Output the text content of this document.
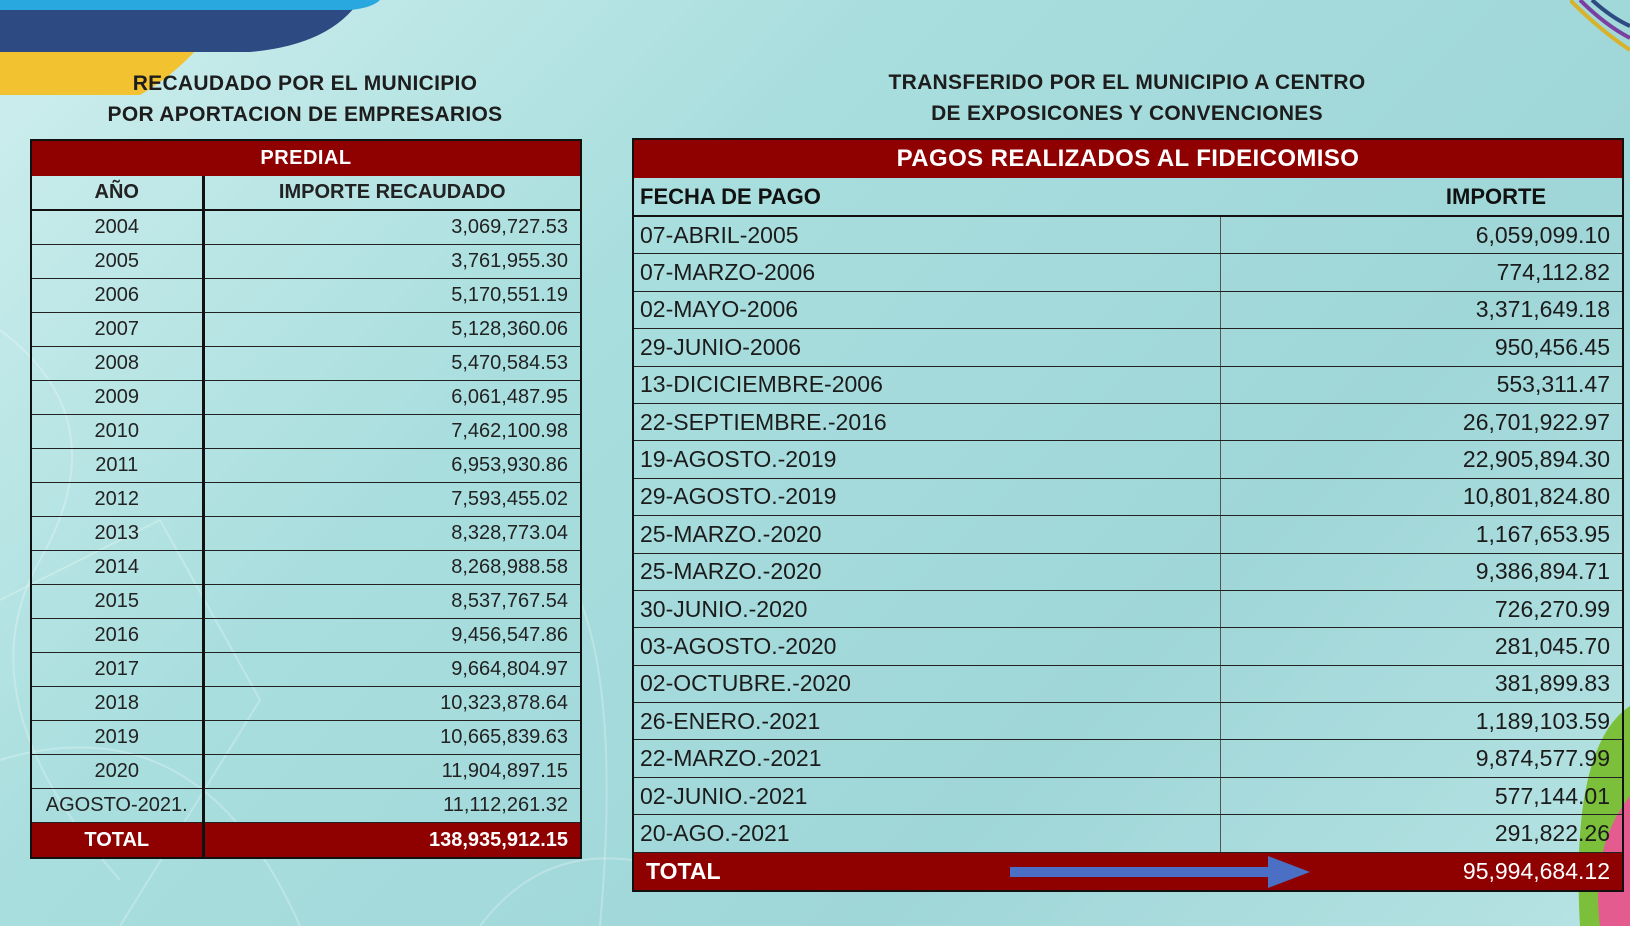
RECAUDADO POR EL MUNICIPIO
POR APORTACION DE EMPRESARIOS
TRANSFERIDO POR EL MUNICIPIO A CENTRO
DE EXPOSICONES Y CONVENCIONES
PREDIAL	
AÑO	IMPORTE RECAUDADO
2004	3,069,727.53
2005	3,761,955.30
2006	5,170,551.19
2007	5,128,360.06
2008	5,470,584.53
2009	6,061,487.95
2010	7,462,100.98
2011	6,953,930.86
2012	7,593,455.02
2013	8,328,773.04
2014	8,268,988.58
2015	8,537,767.54
2016	9,456,547.86
2017	9,664,804.97
2018	10,323,878.64
2019	10,665,839.63
2020	11,904,897.15
AGOSTO-2021.	11,112,261.32
TOTAL	138,935,912.15
PAGOS REALIZADOS AL FIDEICOMISO	
FECHA DE PAGO	IMPORTE
07-ABRIL-2005	6,059,099.10
07-MARZO-2006	774,112.82
02-MAYO-2006	3,371,649.18
29-JUNIO-2006	950,456.45
13-DICICIEMBRE-2006	553,311.47
22-SEPTIEMBRE.-2016	26,701,922.97
19-AGOSTO.-2019	22,905,894.30
29-AGOSTO.-2019	10,801,824.80
25-MARZO.-2020	1,167,653.95
25-MARZO.-2020	9,386,894.71
30-JUNIO.-2020	726,270.99
03-AGOSTO.-2020	281,045.70
02-OCTUBRE.-2020	381,899.83
26-ENERO.-2021	1,189,103.59
22-MARZO.-2021	9,874,577.99
02-JUNIO.-2021	577,144.01
20-AGO.-2021	291,822.26
TOTAL	95,994,684.12
